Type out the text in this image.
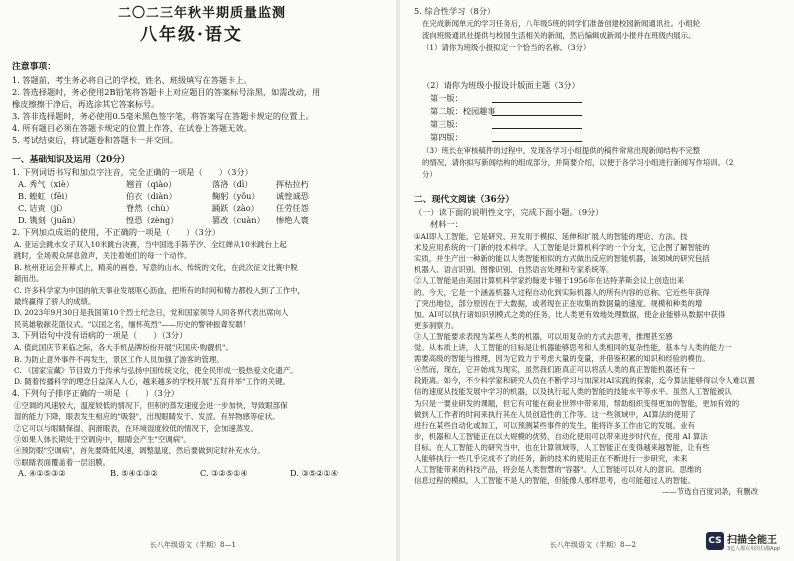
二〇二三年秋半期质量监测
八年级·语文
注意事项：
1. 答题前，考生务必将自己的学校、姓名、班级填写在答题卡上。
2. 答选择题时，务必使用2B铅笔将答题卡上对应题目的答案标号涂黑，如需改动，用
橡皮擦擦干净后，再选涂其它答案标号。
3. 答非选择题时，务必使用0.5毫米黑色签字笔，将答案写在答题卡规定的位置上。
4. 所有题目必须在答题卡规定的位置上作答，在试卷上答题无效。
5. 考试结束后，将试题卷和答题卡一并交回。
一、基础知识及运用（20分）
1. 下列词语书写和加点字注音，完全正确的一项是（　　）（3分）
A. 秀气（xiè）	翘首（qiào）	落洛（dì）	挥枯拉朽
B. 蝗虹（fēi）	伯衣（diàn）	鞠躬（yǒu） 诚惶诚恐
C. 诘责（jí）	脊然（chù）	踊跃（zào） 任劳任怨
D. 镌刻（juān）	惶恐（zèng）	篡改（cuàn） 惨绝人寰
2. 下列加点成语的使用，不正确的一项是（　　）（3分）
A. 亚运会跳水女子双人10米跳台决赛，当中国选手陈芋汐、全红婵从10米跳台上起
跳时，全场观众屏息敛声，关注着她们的每一个动作。
B. 杭州亚运会开幕式上，精美的画卷、写意的山水、传统的文化，在此次征文比赛中脱
颖而出。
C. 许多科学家为中国的航天事业发展呕心沥血，把所有的时间和精力都投入到了工作中，
最终赢得了骄人的成绩。
D. 2023年9月30日是我国第10个烈士纪念日，党和国家领导人同各界代表出席向人
民英雄敬献花篮仪式。"以国之名，缅怀英烈"——历史的警钟振聋发聩！
3. 下列语句中没有语病的一项是（　　）（3分）
A. 值此国庆节来临之际，各大手机品牌纷纷开展"庆国庆·购靓机"。
B. 为防止意外事件不再发生，景区工作人员加强了游客的管理。
C. 《国家宝藏》节目致力于传承与弘扬中国传统文化，使全民形成一股热爱文化遗产。
D. 随着传播科学的理念日益深入人心，越来越多的学校开展"五育并举"工作的关键。
4. 下列句子排序正确的一项是（　　）（3分）
①空调的风速较大，温度较低的情况下，但积的蒸发速度会进一步加快，导致眼部保
湿的能力下降，眼表发生相应的"吸裂"，出现眼睛发干、发涩、有异物感等症状。
②它可以与眼睛保湿、润滑眼表，在环境湿度较低的情况下，会加速蒸发。
③如果人体长期处于空调房中，眼睛会产生"空调病"。
④预防眼"空调病"，首先要降低风速，调整温度，然后要做到定时补充水分。
⑤眼睛表面覆盖着一层泪膜。
A. ④①⑤③②	B. ⑤④①③②	C. ③②⑤①④	D. ③⑤②①④
长八年级语文（半期）8—1
5. 综合性学习（8分）
在完成新闻单元的学习任务后，八年级5班的同学们准备创建校园新闻通讯社。小组轮
流向班级通讯社提供与校园生活相关的新闻，然后编辑成新闻小报并在班级内展示。
（1）请你为班级小报拟定一个恰当的名称。（3分）
（2）请你为班级小报设计版面主题（3分）
第一版：
第二版：校园趣事
第三版：
第四版：
（3）班长在审核稿件的过程中，发现各学习小组提供的稿件常常出现新闻结构不完整
的情况，请你拟写新闻结构的组成部分，并简要介绍，以便于各学习小组进行新闻写作培训。（2
分）
二、现代文阅读（36分）
（一）读下面的说明性文字，完成下面小题。（9分）
材料一：
①AI即人工智能，它是研究、开发用于模拟、延伸和扩展人的智能的理论、方法、技
术及应用系统的一门新的技术科学。人工智能是计算机科学的一个分支，它企图了解智能的
实质，并生产出一种新的能以人类智能相似的方式做出反应的智能机器，该领域的研究包括
机器人、语言识别、图像识别、自然语言处理和专家系统等。
②人工智能是由美国计算机科学家约翰麦卡锡于1956年在达特茅斯会议上创造出来
的。今天，它是一个涵盖机器人过程自动化到实际机器人的所有内容的总称。它近些年获得
了突出地位，部分原因在于大数据，或者现在正在收集的数据量的速度、规模和种类的增
加。AI可以执行诸如识别模式之类的任务，比人类更有效地处理数据，使企业能够从数据中获得
更多洞察力。
③人工智能要求表现为某些人类的机器，可以用复杂的方式去思考，推理甚至感
觉。从本质上讲，人工智能的目标是让机器能够思考和人类相同的复杂性能，基本与人类的能力一
需要高级的智能与推理，因为它致力于考虑大量的变量，并借鉴积累的知识和经验的模仿。
④然而，现在，它开始成为现实，虽然我们距真正可以将活人类的真正智能机器还有一
段距离。如今，不少科学家和研究人员在不断学习与加深对AI实践的探索，迄今算法能够得以令人难以置
信的速度从技能发展中学习的机器，以及执行起人类的智能的技能水平等水平。虽然人工智能被认
为只是一要业研发的课题，但它有可能在商业世界中带来用，帮助组织变得更加的智能，更加有效的
做到人工作者的时间来执行其在人员创造性的工作等。这一些领域中，AI算法的使用了
进行在某些自动化或加工，可以预测某些事件的发生，能将许多工作由它的发展。业有
步，机器和人工智能正在以大规模的优势，自动化使用可以带来进步时代在，使用 AI 算法
目标。在人工智能人的研究当中，也在计算领域等，人工智能正在变得越来越智能，让有些
人能够执行一些几乎完成不了的任务，新的技术的使用正在不断进行一步研究，未来
人工智能带来的科技产品，将会是人类智慧的"容器"。人工智能可以对人的意识、思维的
信息过程的模拟，人工智能不是人的智能，但能像人那样思考，也可能超过人的智能。
——节选自百度词条，有删改
长八年级语文（半期）8—2	CS 扫描全能王
3亿人都在用的扫描App
